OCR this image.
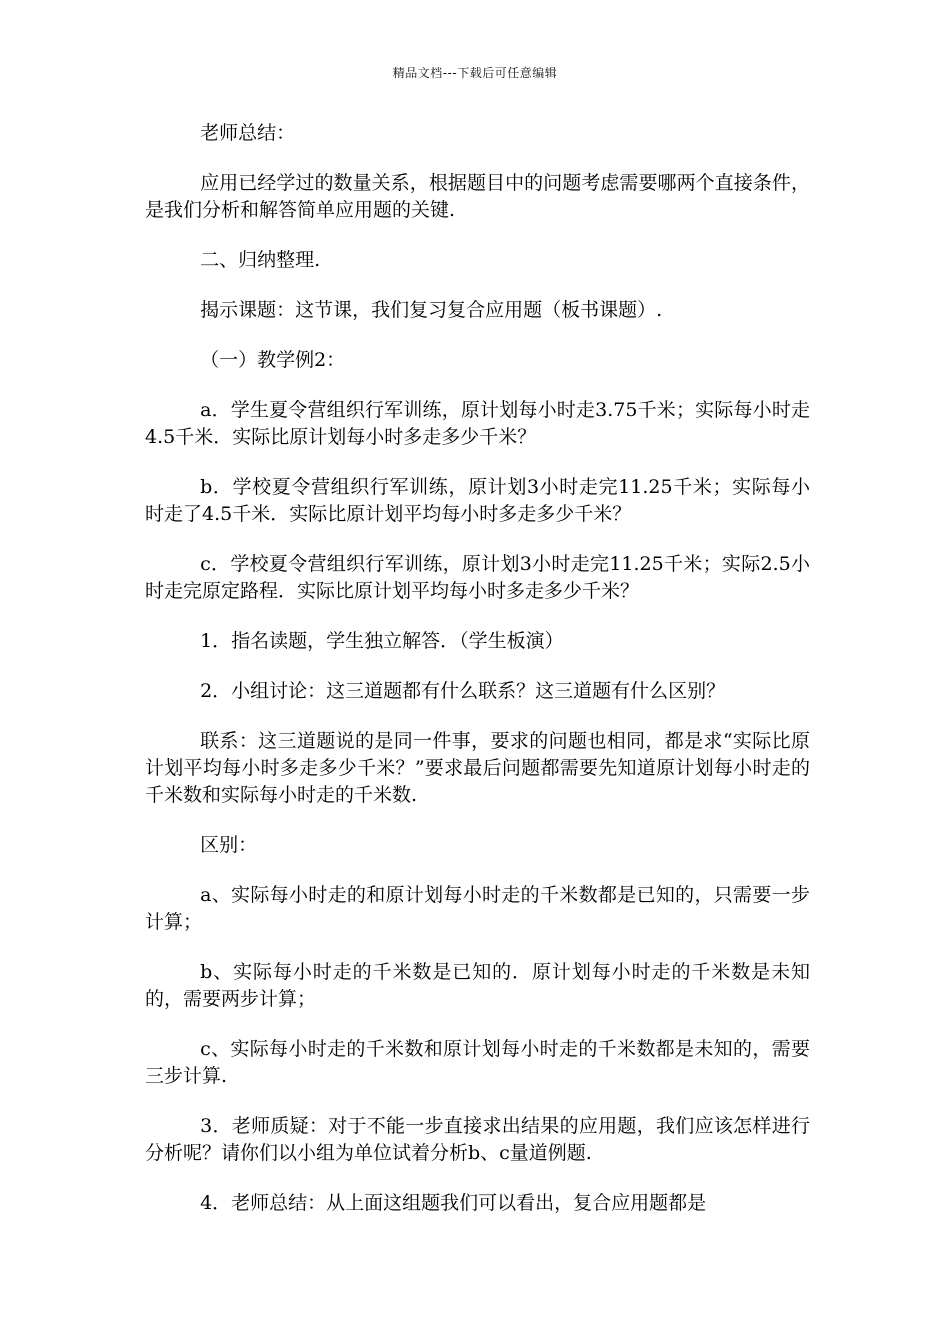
精品文档---下载后可任意编辑

老师总结：

应用已经学过的数量关系，根据题目中的问题考虑需要哪两个直接条件，是我们分析和解答简单应用题的关键.

二、归纳整理.

揭示课题：这节课，我们复习复合应用题（板书课题）.

（一）教学例2：

a．学生夏令营组织行军训练，原计划每小时走3.75千米；实际每小时走4.5千米．实际比原计划每小时多走多少千米？

b．学校夏令营组织行军训练，原计划3小时走完11.25千米；实际每小时走了4.5千米．实际比原计划平均每小时多走多少千米？

c．学校夏令营组织行军训练，原计划3小时走完11.25千米；实际2.5小时走完原定路程．实际比原计划平均每小时多走多少千米？

1．指名读题，学生独立解答．（学生板演）

2．小组讨论：这三道题都有什么联系？这三道题有什么区别？

联系：这三道题说的是同一件事，要求的问题也相同，都是求“实际比原计划平均每小时多走多少千米？”要求最后问题都需要先知道原计划每小时走的千米数和实际每小时走的千米数.

区别：

a、实际每小时走的和原计划每小时走的千米数都是已知的，只需要一步计算；

b、实际每小时走的千米数是已知的．原计划每小时走的千米数是未知的，需要两步计算；

c、实际每小时走的千米数和原计划每小时走的千米数都是未知的，需要三步计算.

3．老师质疑：对于不能一步直接求出结果的应用题，我们应该怎样进行分析呢？请你们以小组为单位试着分析b、c量道例题.

4．老师总结：从上面这组题我们可以看出，复合应用题都是
